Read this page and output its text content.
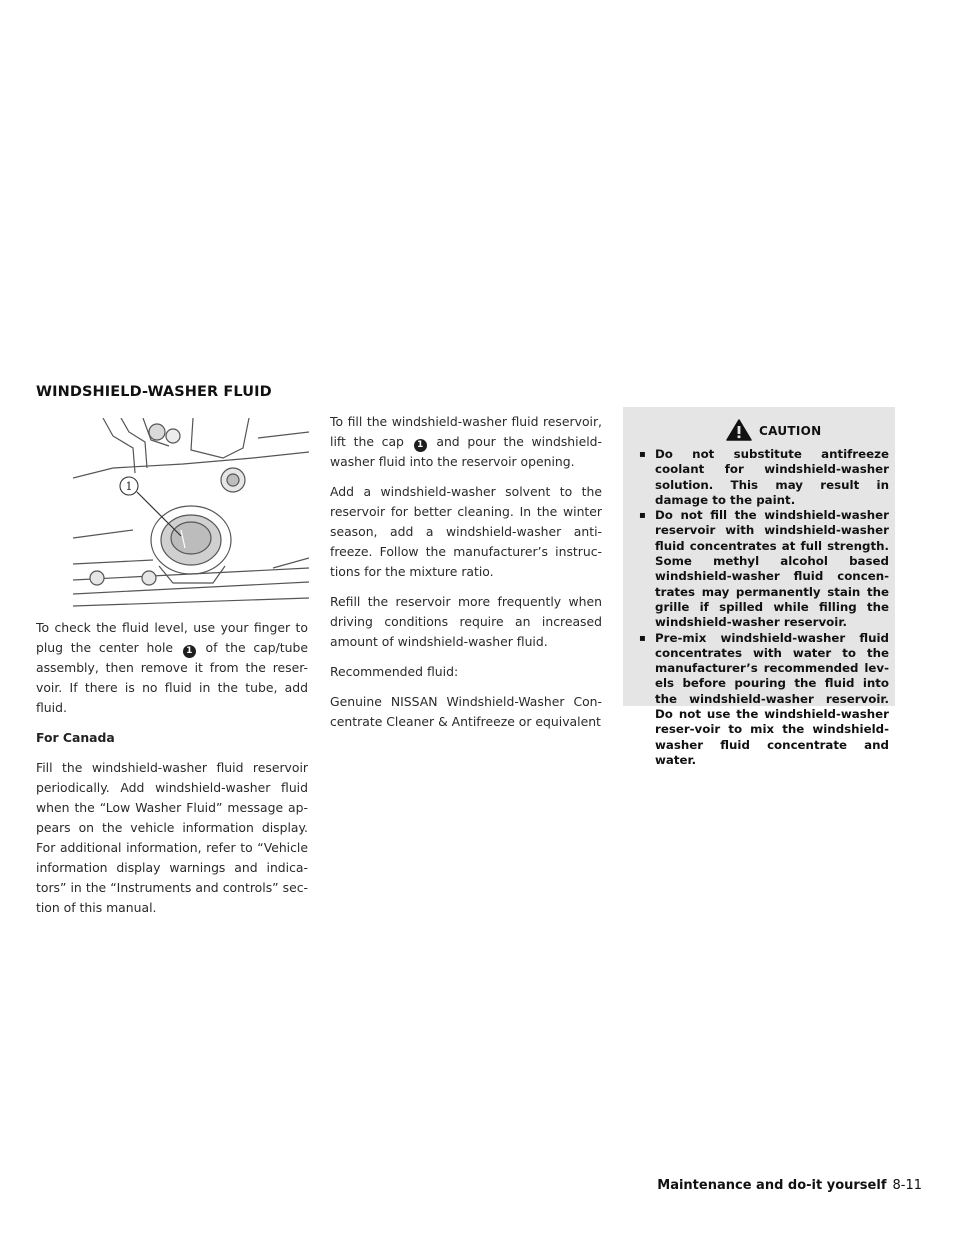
WINDSHIELD-WASHER FLUID
1

To check the fluid level, use your finger to plug the center hole 1 of the cap/tube assembly, then remove it from the reser-voir. If there is no fluid in the tube, add fluid.

For Canada

Fill the windshield-washer fluid reservoir periodically. Add windshield-washer fluid when the “Low Washer Fluid” message ap-pears on the vehicle information display. For additional information, refer to “Vehicle information display warnings and indica-tors” in the “Instruments and controls” sec-tion of this manual.

To fill the windshield-washer fluid reservoir, lift the cap 1 and pour the windshield-washer fluid into the reservoir opening.

Add a windshield-washer solvent to the reservoir for better cleaning. In the winter season, add a windshield-washer anti-freeze. Follow the manufacturer’s instruc-tions for the mixture ratio.

Refill the reservoir more frequently when driving conditions require an increased amount of windshield-washer fluid.

Recommended fluid:

Genuine NISSAN Windshield-Washer Con-centrate Cleaner & Antifreeze or equivalent

CAUTION
▪ Do not substitute antifreeze coolant for windshield-washer solution. This may result in damage to the paint.
▪ Do not fill the windshield-washer reservoir with windshield-washer fluid concentrates at full strength. Some methyl alcohol based windshield-washer fluid concen-trates may permanently stain the grille if spilled while filling the windshield-washer reservoir.
▪ Pre-mix windshield-washer fluid concentrates with water to the manufacturer’s recommended lev-els before pouring the fluid into the windshield-washer reservoir. Do not use the windshield-washer reser-voir to mix the windshield-washer fluid concentrate and water.
Maintenance and do-it yourself 8-11
